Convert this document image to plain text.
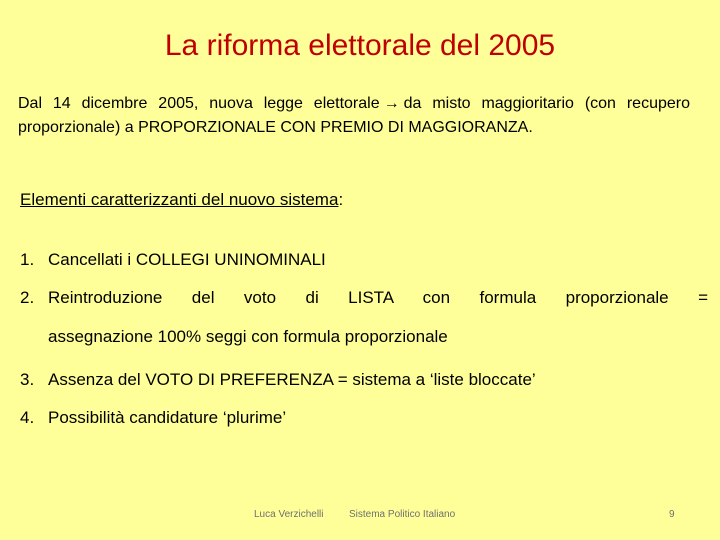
La riforma elettorale del 2005
Dal 14 dicembre 2005, nuova legge elettorale → da misto maggioritario (con recupero proporzionale) a PROPORZIONALE CON PREMIO DI MAGGIORANZA.
Elementi caratterizzanti del nuovo sistema:
1. Cancellati i COLLEGI UNINOMINALI
2. Reintroduzione del voto di LISTA con formula proporzionale =
assegnazione 100% seggi con formula proporzionale
3. Assenza del VOTO DI PREFERENZA = sistema a ‘liste bloccate’
4. Possibilità candidature ‘plurime’
Luca Verzichelli	Sistema Politico Italiano	9
